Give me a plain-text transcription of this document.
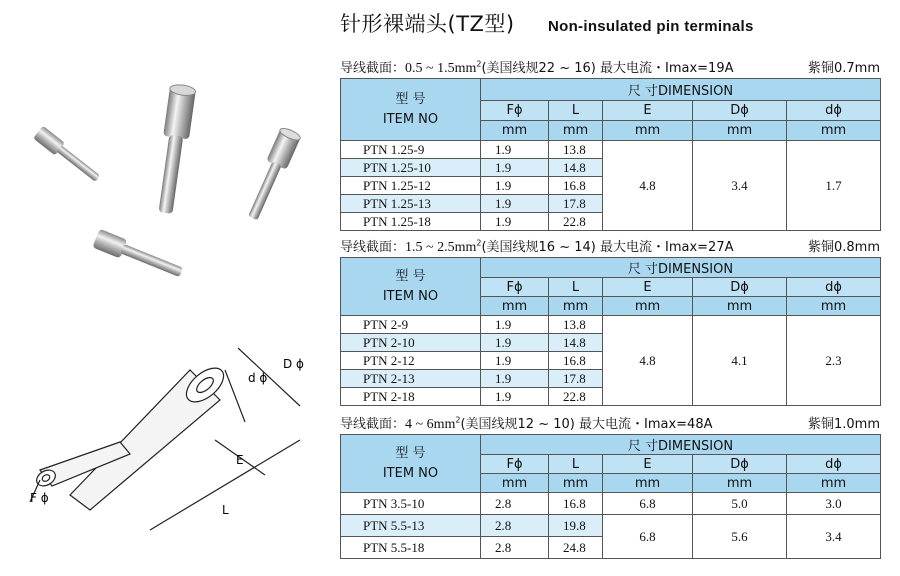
针形裸端头(TZ型) Non-insulated pin terminals
D ϕ
d ϕ
E
F ϕ
L
导线截面：0.5 ~ $1.5mm^2$(美国线规22 ~ 16) 最大电流・Imax=19A	紫铜0.7mm
型 号
ITEM NO	尺 寸DIMENSION				
	Fϕ	L	E	Dϕ	dϕ
	mm	mm	mm	mm	mm
PTN 1.25-9	1.9	13.8	4.8	3.4	1.7
PTN 1.25-10	1.9	14.8			
PTN 1.25-12	1.9	16.8			
PTN 1.25-13	1.9	17.8			
PTN 1.25-18	1.9	22.8			
导线截面：1.5 ~ $2.5mm^2$(美国线规16 ~ 14) 最大电流・Imax=27A	紫铜0.8mm
型 号
ITEM NO	尺 寸DIMENSION				
	Fϕ	L	E	Dϕ	dϕ
	mm	mm	mm	mm	mm
PTN 2-9	1.9	13.8	4.8	4.1	2.3
PTN 2-10	1.9	14.8			
PTN 2-12	1.9	16.8			
PTN 2-13	1.9	17.8			
PTN 2-18	1.9	22.8			
导线截面：4 ~ $6mm^2$(美国线规12 ~ 10) 最大电流・Imax=48A	紫铜1.0mm
型 号
ITEM NO	尺 寸DIMENSION				
	Fϕ	L	E	Dϕ	dϕ
	mm	mm	mm	mm	mm
PTN 3.5-10	2.8	16.8	6.8	5.0	3.0
PTN 5.5-13	2.8	19.8	6.8	5.6	3.4
PTN 5.5-18	2.8	24.8			
